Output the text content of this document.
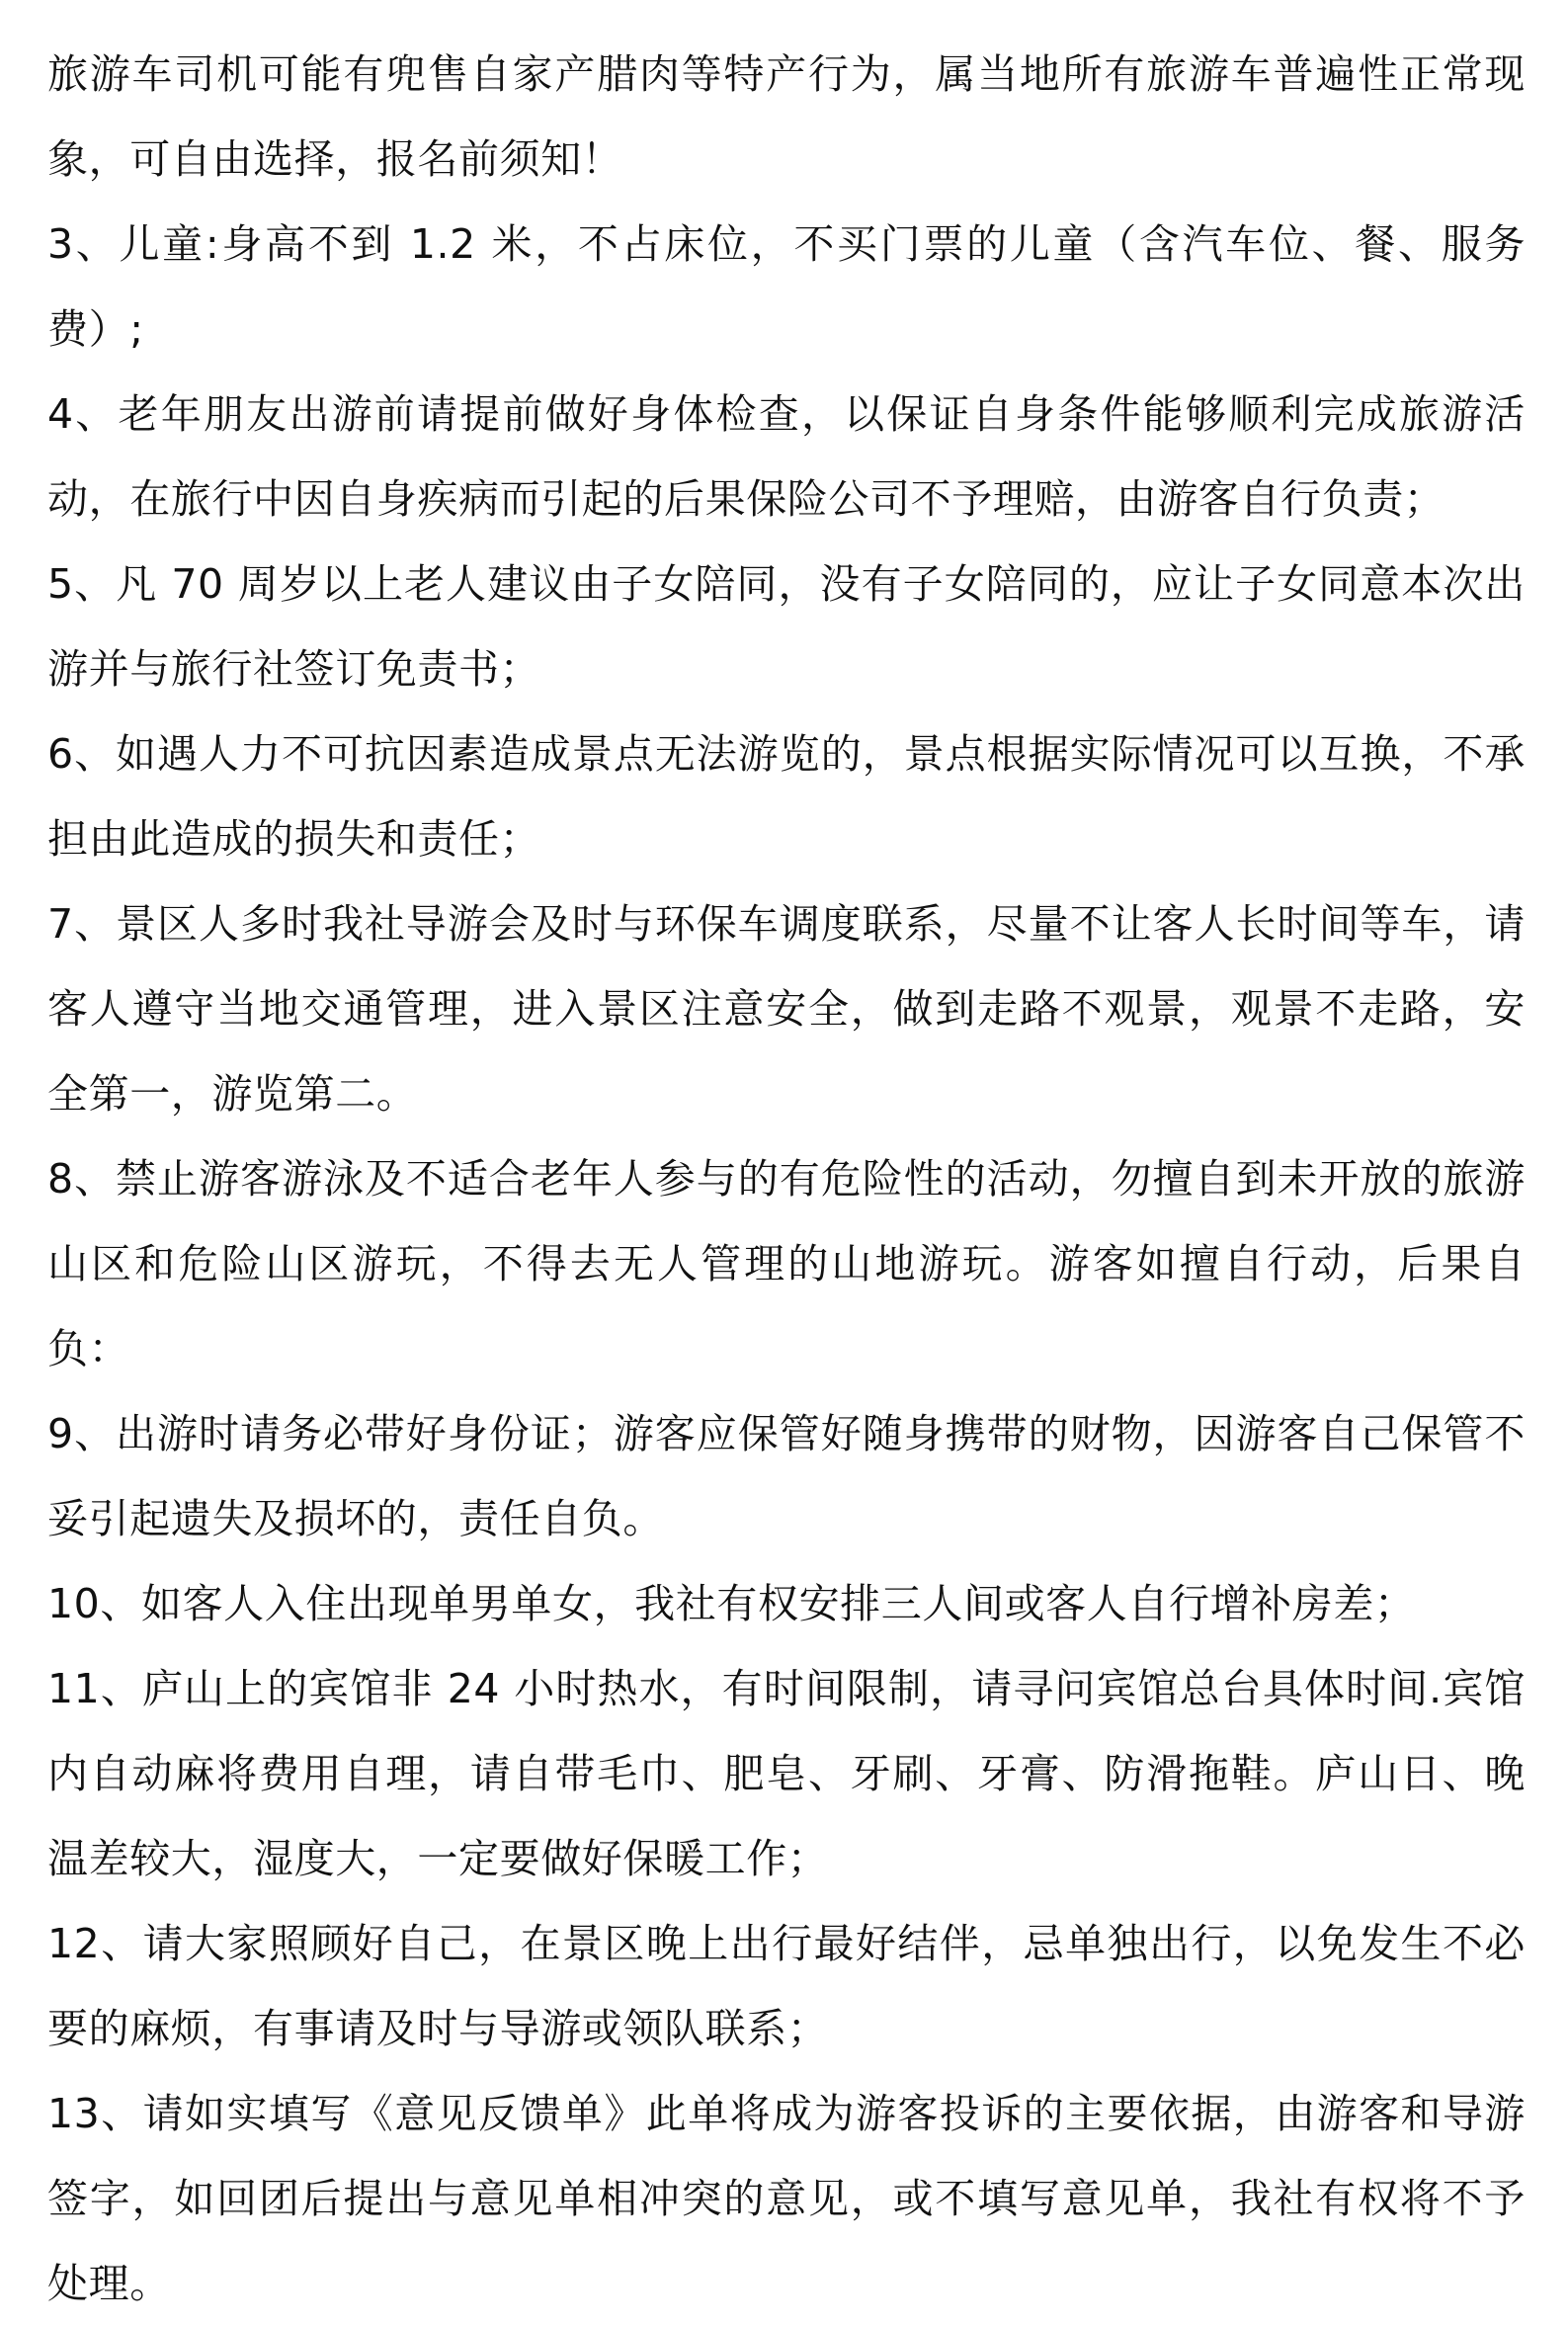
旅游车司机可能有兜售自家产腊肉等特产行为，属当地所有旅游车普遍性正常现象，可自由选择，报名前须知！

3、儿童:身高不到 1.2 米，不占床位，不买门票的儿童（含汽车位、餐、服务费）;

4、老年朋友出游前请提前做好身体检查，以保证自身条件能够顺利完成旅游活动，在旅行中因自身疾病而引起的后果保险公司不予理赔，由游客自行负责；

5、凡 70 周岁以上老人建议由子女陪同，没有子女陪同的，应让子女同意本次出游并与旅行社签订免责书；

6、如遇人力不可抗因素造成景点无法游览的，景点根据实际情况可以互换，不承担由此造成的损失和责任；

7、景区人多时我社导游会及时与环保车调度联系，尽量不让客人长时间等车，请客人遵守当地交通管理，进入景区注意安全，做到走路不观景，观景不走路，安全第一，游览第二。

8、禁止游客游泳及不适合老年人参与的有危险性的活动，勿擅自到未开放的旅游山区和危险山区游玩，不得去无人管理的山地游玩。游客如擅自行动，后果自负：

9、出游时请务必带好身份证；游客应保管好随身携带的财物，因游客自己保管不妥引起遗失及损坏的，责任自负。

10、如客人入住出现单男单女，我社有权安排三人间或客人自行增补房差；

11、庐山上的宾馆非 24 小时热水，有时间限制，请寻问宾馆总台具体时间.宾馆内自动麻将费用自理，请自带毛巾、肥皂、牙刷、牙膏、防滑拖鞋。庐山日、晚温差较大，湿度大，一定要做好保暖工作；

12、请大家照顾好自己，在景区晚上出行最好结伴，忌单独出行，以免发生不必要的麻烦，有事请及时与导游或领队联系；

13、请如实填写《意见反馈单》此单将成为游客投诉的主要依据，由游客和导游签字，如回团后提出与意见单相冲突的意见，或不填写意见单，我社有权将不予处理。
